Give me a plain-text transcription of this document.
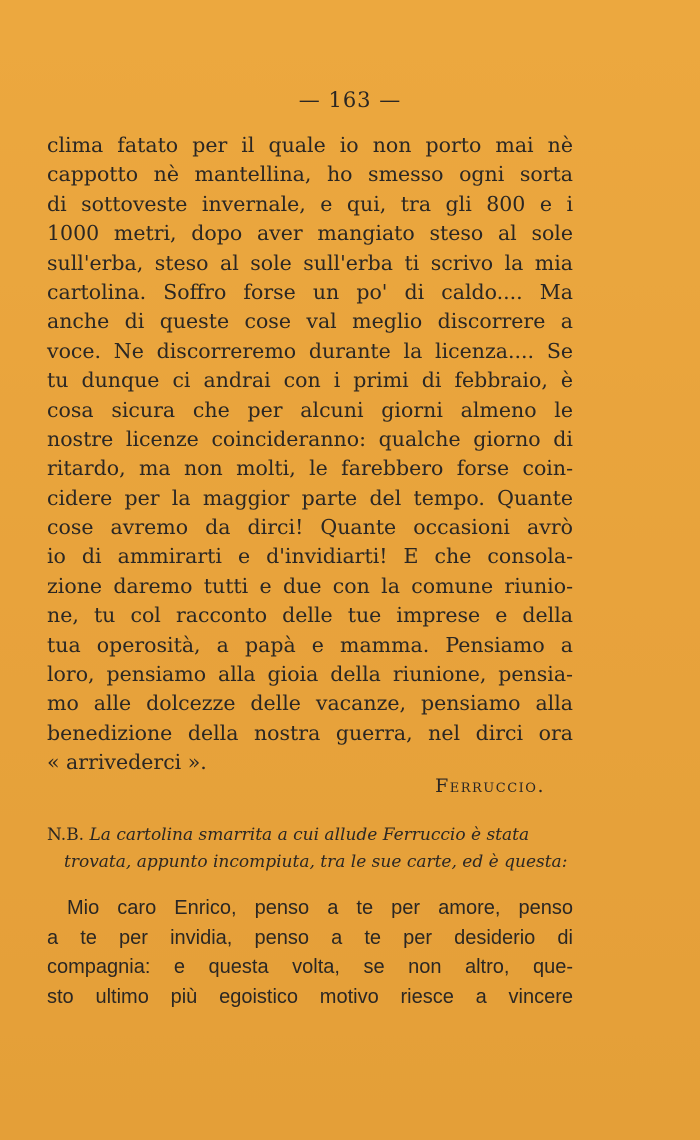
— 163 —
clima fatato per il quale io non porto mai nè
cappotto nè mantellina, ho smesso ogni sorta
di sottoveste invernale, e qui, tra gli 800 e i
1000 metri, dopo aver mangiato steso al sole
sull'erba, steso al sole sull'erba ti scrivo la mia
cartolina. Soffro forse un po' di caldo.... Ma
anche di queste cose val meglio discorrere a
voce. Ne discorreremo durante la licenza.... Se
tu dunque ci andrai con i primi di febbraio, è
cosa sicura che per alcuni giorni almeno le
nostre licenze coincideranno: qualche giorno di
ritardo, ma non molti, le farebbero forse coin-
cidere per la maggior parte del tempo. Quante
cose avremo da dirci! Quante occasioni avrò
io di ammirarti e d'invidiarti! E che consola-
zione daremo tutti e due con la comune riunio-
ne, tu col racconto delle tue imprese e della
tua operosità, a papà e mamma. Pensiamo a
loro, pensiamo alla gioia della riunione, pensia-
mo alle dolcezze delle vacanze, pensiamo alla
benedizione della nostra guerra, nel dirci ora
« arrivederci ».
Ferruccio.
N.B. La cartolina smarrita a cui allude Ferruccio è stata
trovata, appunto incompiuta, tra le sue carte, ed è questa:
Mio caro Enrico, penso a te per amore, penso
a te per invidia, penso a te per desiderio di
compagnia: e questa volta, se non altro, que-
sto ultimo più egoistico motivo riesce a vincere
